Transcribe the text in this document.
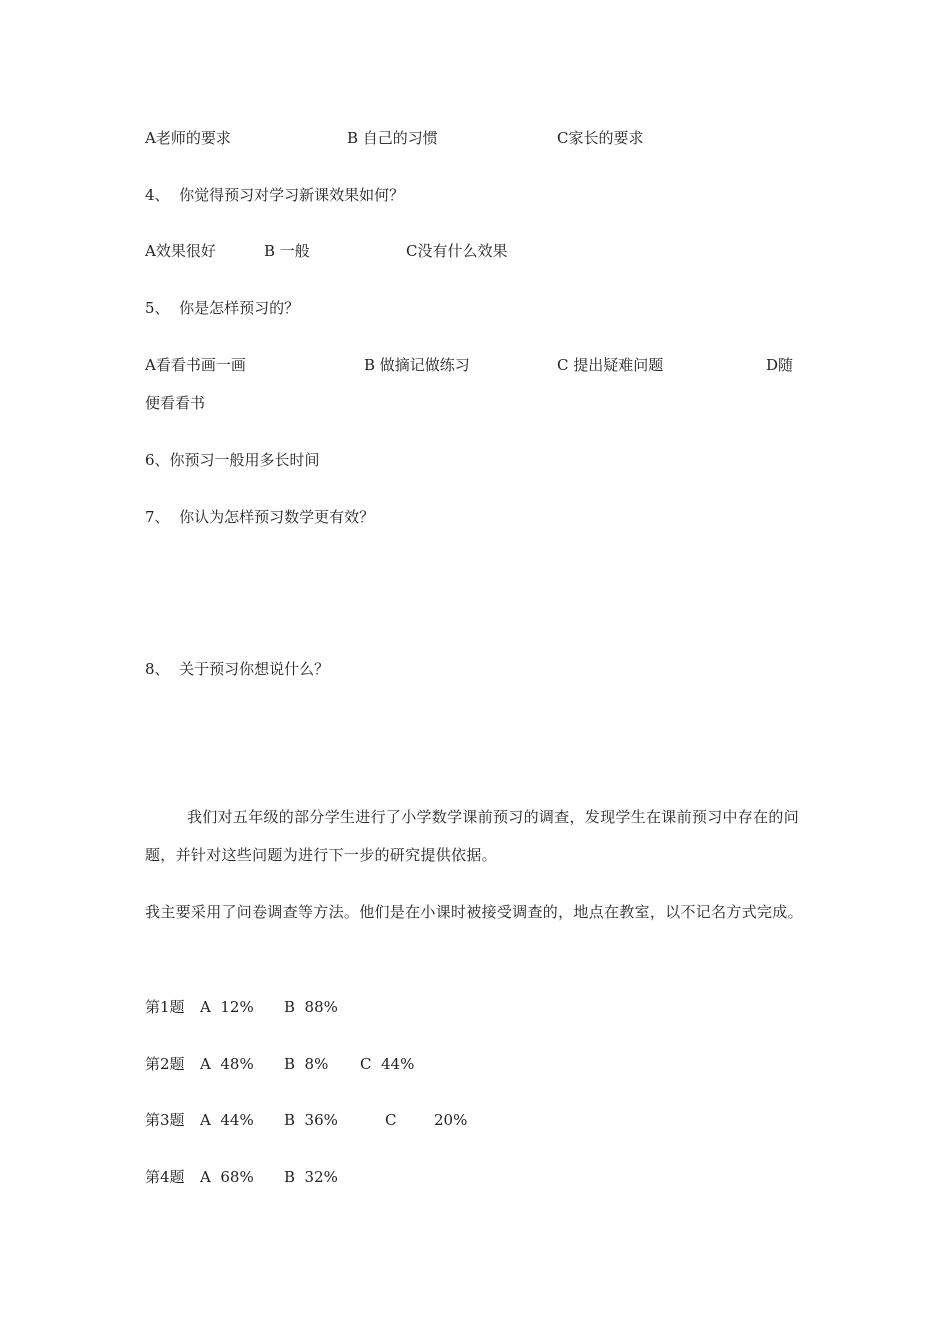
A老师的要求	B 自己的习惯	C家长的要求
4、  你觉得预习对学习新课效果如何？
A效果很好	B 一般	C没有什么效果
5、  你是怎样预习的？
A看看书画一画	B 做摘记做练习	C 提出疑难问题	D随
便看看书
6、你预习一般用多长时间
7、  你认为怎样预习数学更有效？
8、  关于预习你想说什么？
我们对五年级的部分学生进行了小学数学课前预习的调查，发现学生在课前预习中存在的问题，并针对这些问题为进行下一步的研究提供依据。
我主要采用了问卷调查等方法。他们是在小课时被接受调查的，地点在教室，以不记名方式完成。
第1题 A  12% B  88%
第2题 A  48% B  8% C  44%
第3题 A  44% B  36%	C	20%
第4题 A  68% B  32%
